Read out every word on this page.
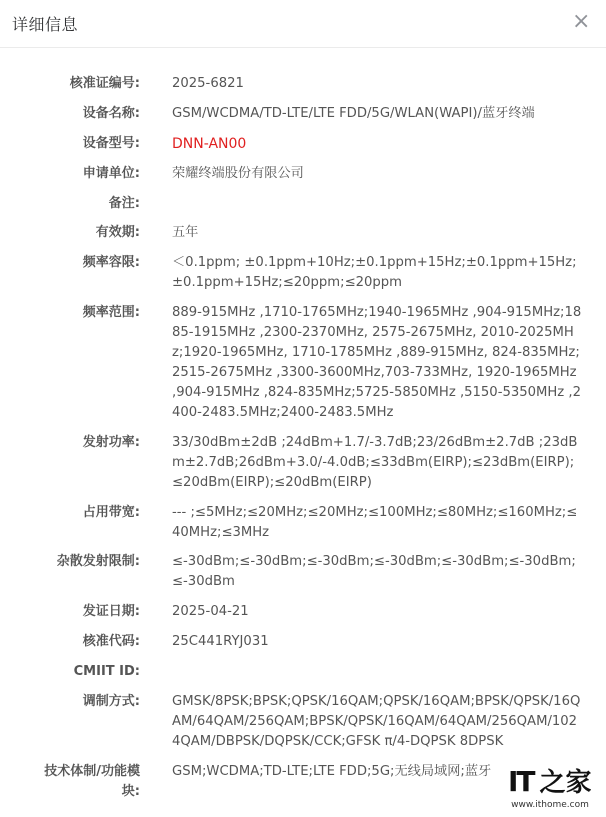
详细信息	×
核准证编号: 2025-6821
设备名称: GSM/WCDMA/TD-LTE/LTE FDD/5G/WLAN(WAPI)/蓝牙终端
设备型号: DNN-AN00
申请单位: 荣耀终端股份有限公司
备注:
有效期: 五年
频率容限: ＜0.1ppm; ±0.1ppm+10Hz;±0.1ppm+15Hz;±0.1ppm+15Hz;±0.1ppm+15Hz;≤20ppm;≤20ppm
频率范围: 889-915MHz ,1710-1765MHz;1940-1965MHz ,904-915MHz;1885-1915MHz ,2300-2370MHz, 2575-2675MHz, 2010-2025MHz;1920-1965MHz, 1710-1785MHz ,889-915MHz, 824-835MHz;2515-2675MHz ,3300-3600MHz,703-733MHz, 1920-1965MHz ,904-915MHz ,824-835MHz;5725-5850MHz ,5150-5350MHz ,2400-2483.5MHz;2400-2483.5MHz
发射功率: 33/30dBm±2dB ;24dBm+1.7/-3.7dB;23/26dBm±2.7dB ;23dBm±2.7dB;26dBm+3.0/-4.0dB;≤33dBm(EIRP);≤23dBm(EIRP);≤20dBm(EIRP);≤20dBm(EIRP)
占用带宽: --- ;≤5MHz;≤20MHz;≤20MHz;≤100MHz;≤80MHz;≤160MHz;≤40MHz;≤3MHz
杂散发射限制: ≤-30dBm;≤-30dBm;≤-30dBm;≤-30dBm;≤-30dBm;≤-30dBm;≤-30dBm
发证日期: 2025-04-21
核准代码: 25C441RYJ031
CMIIT ID:
调制方式: GMSK/8PSK;BPSK;QPSK/16QAM;QPSK/16QAM;BPSK/QPSK/16QAM/64QAM/256QAM;BPSK/QPSK/16QAM/64QAM/256QAM/1024QAM/DBPSK/DQPSK/CCK;GFSK π/4-DQPSK 8DPSK
技术体制/功能模块:
GSM;WCDMA;TD-LTE;LTE FDD;5G;无线局域网;蓝牙 IT 之家
www.ithome.com
